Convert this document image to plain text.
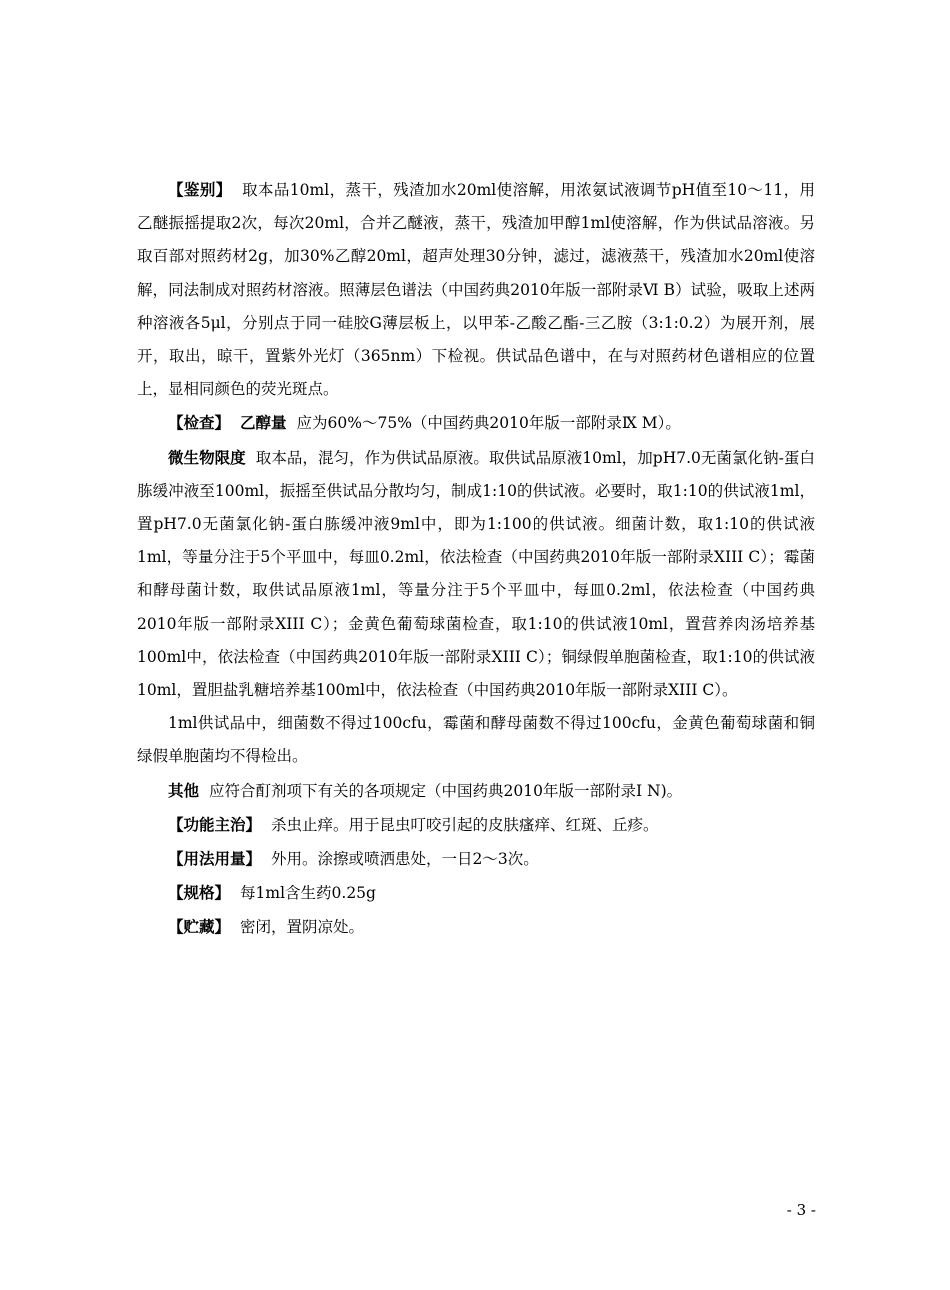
【鉴别】 取本品10ml，蒸干，残渣加水20ml使溶解，用浓氨试液调节pH值至10～11，用乙醚振摇提取2次，每次20ml，合并乙醚液，蒸干，残渣加甲醇1ml使溶解，作为供试品溶液。另取百部对照药材2g，加30%乙醇20ml，超声处理30分钟，滤过，滤液蒸干，残渣加水20ml使溶解，同法制成对照药材溶液。照薄层色谱法（中国药典2010年版一部附录Ⅵ B）试验，吸取上述两种溶液各5μl，分别点于同一硅胶G薄层板上，以甲苯-乙酸乙酯-三乙胺（3:1:0.2）为展开剂，展开，取出，晾干，置紫外光灯（365nm）下检视。供试品色谱中，在与对照药材色谱相应的位置上，显相同颜色的荧光斑点。

【检查】 乙醇量 应为60%～75%（中国药典2010年版一部附录Ⅸ M）。

微生物限度 取本品，混匀，作为供试品原液。取供试品原液10ml，加pH7.0无菌氯化钠-蛋白胨缓冲液至100ml，振摇至供试品分散均匀，制成1:10的供试液。必要时，取1:10的供试液1ml，置pH7.0无菌氯化钠-蛋白胨缓冲液9ml中，即为1:100的供试液。细菌计数，取1:10的供试液1ml，等量分注于5个平皿中，每皿0.2ml，依法检查（中国药典2010年版一部附录XIII C）；霉菌和酵母菌计数，取供试品原液1ml，等量分注于5个平皿中，每皿0.2ml，依法检查（中国药典2010年版一部附录XIII C）；金黄色葡萄球菌检查，取1:10的供试液10ml，置营养肉汤培养基100ml中，依法检查（中国药典2010年版一部附录XIII C）；铜绿假单胞菌检查，取1:10的供试液10ml，置胆盐乳糖培养基100ml中，依法检查（中国药典2010年版一部附录XIII C）。

1ml供试品中，细菌数不得过100cfu，霉菌和酵母菌数不得过100cfu，金黄色葡萄球菌和铜绿假单胞菌均不得检出。

其他 应符合酊剂项下有关的各项规定（中国药典2010年版一部附录Ⅰ N)。

【功能主治】 杀虫止痒。用于昆虫叮咬引起的皮肤瘙痒、红斑、丘疹。

【用法用量】 外用。涂擦或喷洒患处，一日2～3次。

【规格】 每1ml含生药0.25g

【贮藏】 密闭，置阴凉处。

- 3 -
